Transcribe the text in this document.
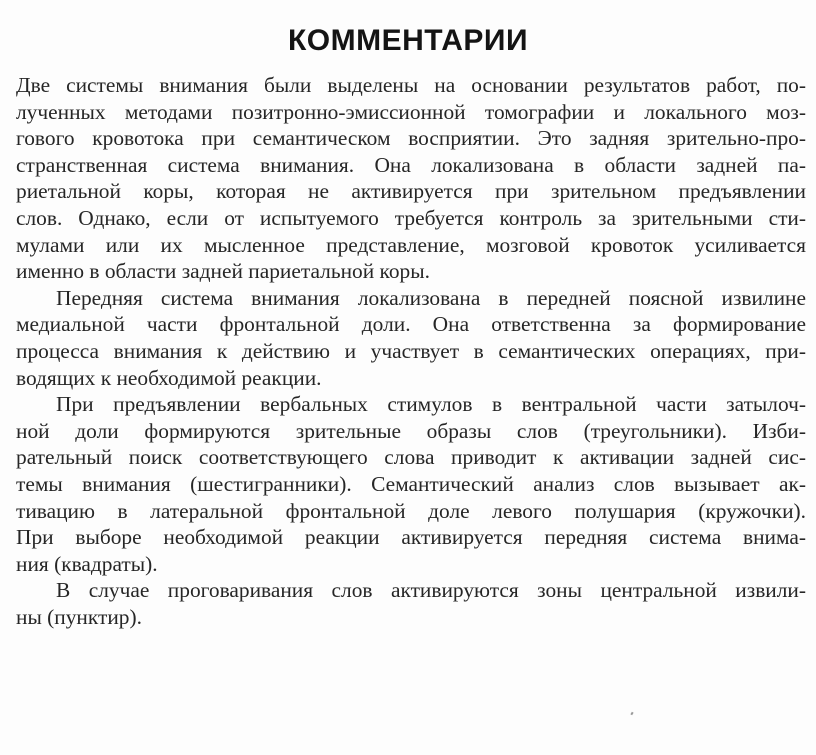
КОММЕНТАРИИ
Две системы внимания были выделены на основании результатов работ, по-
лученных методами позитронно-эмиссионной томографии и локального моз-
гового кровотока при семантическом восприятии. Это задняя зрительно-про-
странственная система внимания. Она локализована в области задней па-
риетальной коры, которая не активируется при зрительном предъявлении
слов. Однако, если от испытуемого требуется контроль за зрительными сти-
мулами или их мысленное представление, мозговой кровоток усиливается
именно в области задней париетальной коры.
Передняя система внимания локализована в передней поясной извилине
медиальной части фронтальной доли. Она ответственна за формирование
процесса внимания к действию и участвует в семантических операциях, при-
водящих к необходимой реакции.
При предъявлении вербальных стимулов в вентральной части затылоч-
ной доли формируются зрительные образы слов (треугольники). Изби-
рательный поиск соответствующего слова приводит к активации задней сис-
темы внимания (шестигранники). Семантический анализ слов вызывает ак-
тивацию в латеральной фронтальной доле левого полушария (кружочки).
При выборе необходимой реакции активируется передняя система внима-
ния (квадраты).
В случае проговаривания слов активируются зоны центральной извили-
ны (пунктир).
